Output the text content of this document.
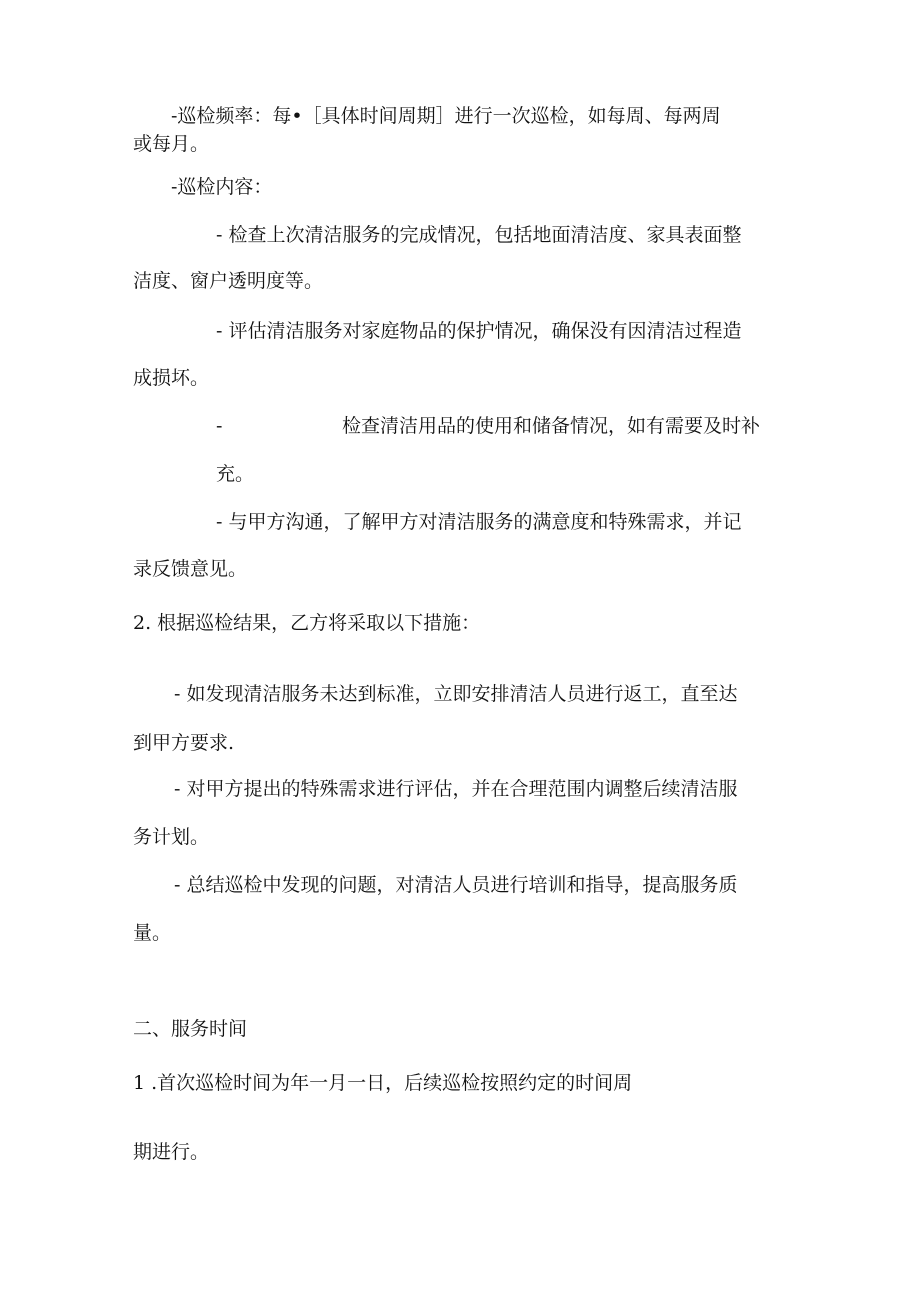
-巡检频率：每•［具体时间周期］进行一次巡检，如每周、每两周
或每月。
-巡检内容：
- 检查上次清洁服务的完成情况，包括地面清洁度、家具表面整
洁度、窗户透明度等。
- 评估清洁服务对家庭物品的保护情况，确保没有因清洁过程造
成损坏。
-	检查清洁用品的使用和储备情况，如有需要及时补
充。
- 与甲方沟通，了解甲方对清洁服务的满意度和特殊需求，并记
录反馈意见。
2. 根据巡检结果，乙方将采取以下措施：
- 如发现清洁服务未达到标准，立即安排清洁人员进行返工，直至达
到甲方要求.
- 对甲方提出的特殊需求进行评估，并在合理范围内调整后续清洁服
务计划。
- 总结巡检中发现的问题，对清洁人员进行培训和指导，提高服务质
量。
二、服务时间
1 .首次巡检时间为年一月一日，后续巡检按照约定的时间周
期进行。
